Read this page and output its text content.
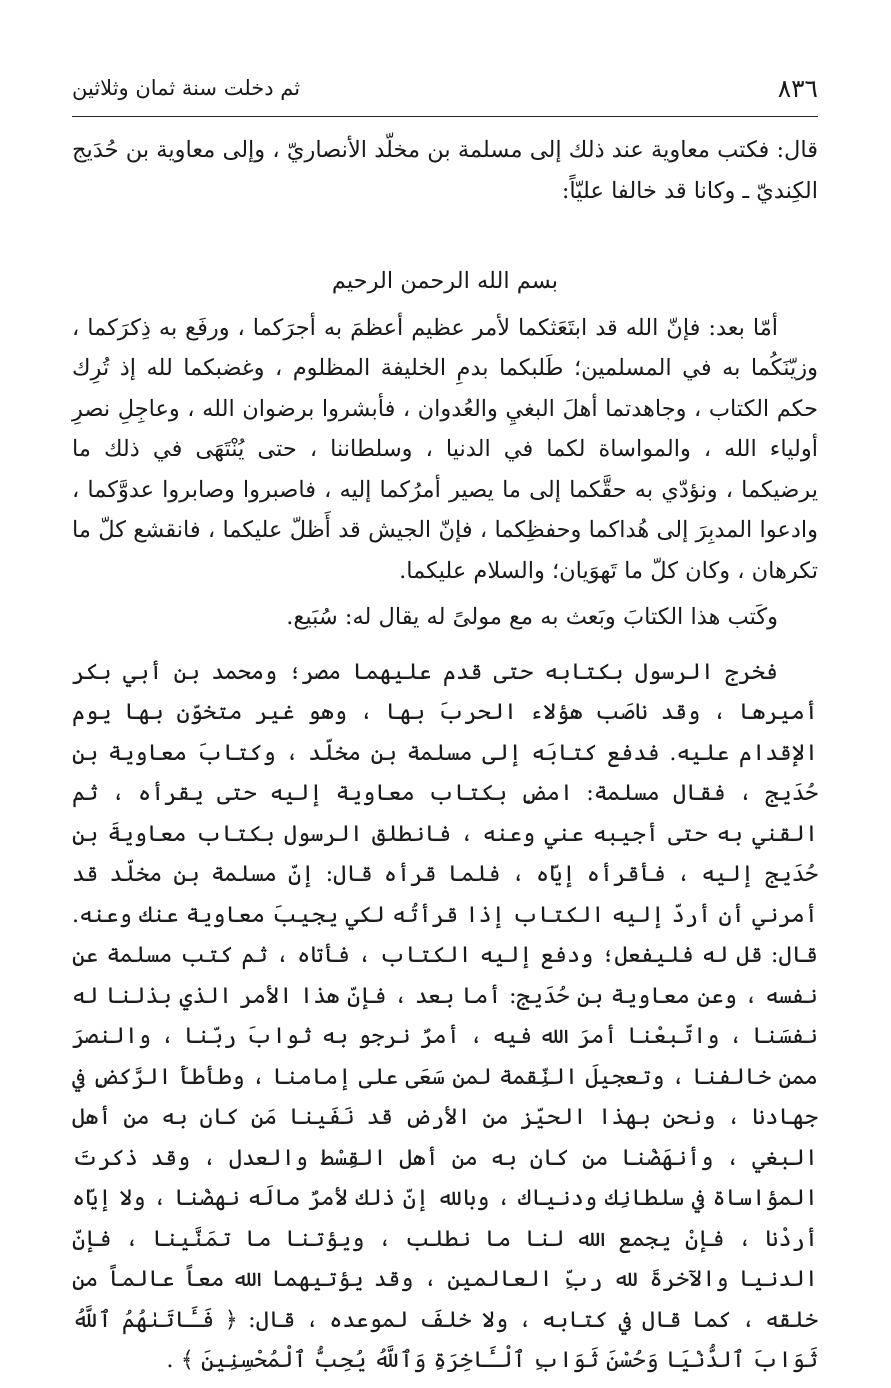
٨٣٦
ثم دخلت سنة ثمان وثلاثين

قال: فكتب معاوية عند ذلك إلى مسلمة بن مخلّد الأنصاريّ ، وإلى معاوية بن حُدَيج الكِنديّ ـ وكانا قد خالفا عليّاً:

بسم الله الرحمن الرحيم

أمّا بعد: فإنّ الله قد ابتَعَثكما لأمر عظيم أعظمَ به أجرَكما ، ورفَع به ذِكرَكما ، وزيّنَكُما به في المسلمين؛ طَلبكما بدمِ الخليفة المظلوم ، وغضبكما لله إذ تُرِك حكم الكتاب ، وجاهدتما أهلَ البغيِ والعُدوان ، فأبشروا برضوان الله ، وعاجِلِ نصرِ أولياء الله ، والمواساة لكما في الدنيا ، وسلطاننا ، حتى يُنْتَهَى في ذلك ما يرضيكما ، ونؤدّي به حقَّكما إلى ما يصير أمرُكما إليه ، فاصبروا وصابروا عدوَّكما ، وادعوا المدبِرَ إلى هُداكما وحفظِكما ، فإنّ الجيش قد أَظلّ عليكما ، فانقشع كلّ ما تكرهان ، وكان كلّ ما تَهوَيان؛ والسلام عليكما.

وكَتب هذا الكتابَ وبَعث به مع مولىً له يقال له: سُبَيع.

فخرج الرسول بكتابه حتى قدم عليهما مصر؛ ومحمد بن أبي بكر أميرها ، وقد ناصَب هؤلاء الحربَ بها ، وهو غير متخوّن بها يوم الإقدام عليه. فدفع كتابَه إلى مسلمة بن مخلّد ، وكتابَ معاوية بن حُدَيج ، فقال مسلمة: امضِ بكتاب معاوية إليه حتى يقرأه ، ثم القني به حتى أجيبه عني وعنه ، فانطلق الرسول بكتاب معاويةَ بن حُدَيج إليه ، فأقرأه إيّاه ، فلما قرأه قال: إنّ مسلمة بن مخلّد قد أمرني أن أردّ إليه الكتاب إذا قرأتُه لكي يجيبَ معاوية عنك وعنه. قال: قل له فليفعل؛ ودفع إليه الكتاب ، فأتاه ، ثم كتب مسلمة عن نفسه ، وعن معاوية بن حُدَيج: أما بعد ، فإنّ هذا الأمر الذي بذلنا له نفسَنا ، واتّبعْنا أمرَ الله فيه ، أمرٌ نرجو به ثوابَ ربّنا ، والنصرَ ممن خالفنا ، وتعجيلَ النِّقمة لمن سَعَى على إمامنا ، وطأطأَ الرَّكضِ في جهادنا ، ونحن بهذا الحيّز من الأرض قد نَفَينا مَن كان به من أهل البغي ، وأنهَضْنا من كان به من أهل القِسْط والعدل ، وقد ذكرتَ المؤاساة في سلطانِك ودنياك ، وبالله إنّ ذلك لأمرٌ مالَه نهضْنا ، ولا إيّاه أردْنا ، فإنْ يجمع الله لنا ما نطلب ، ويؤتنا ما تمَنَّينا ، فإنّ الدنيا والآخرةَ لله ربِّ العالمين ، وقد يؤتيهما الله معاً عالماً من خلقه ، كما قال في كتابه ، ولا خلفَ لموعده ، قال: ﴿ فَـَٔاتَىٰهُمُ ٱللَّهُ ثَوَابَ ٱلدُّنْيَا وَحُسْنَ ثَوَابِ ٱلْـَٔاخِرَةِ وَٱللَّهُ يُحِبُّ ٱلْمُحْسِنِينَ ﴾ .
